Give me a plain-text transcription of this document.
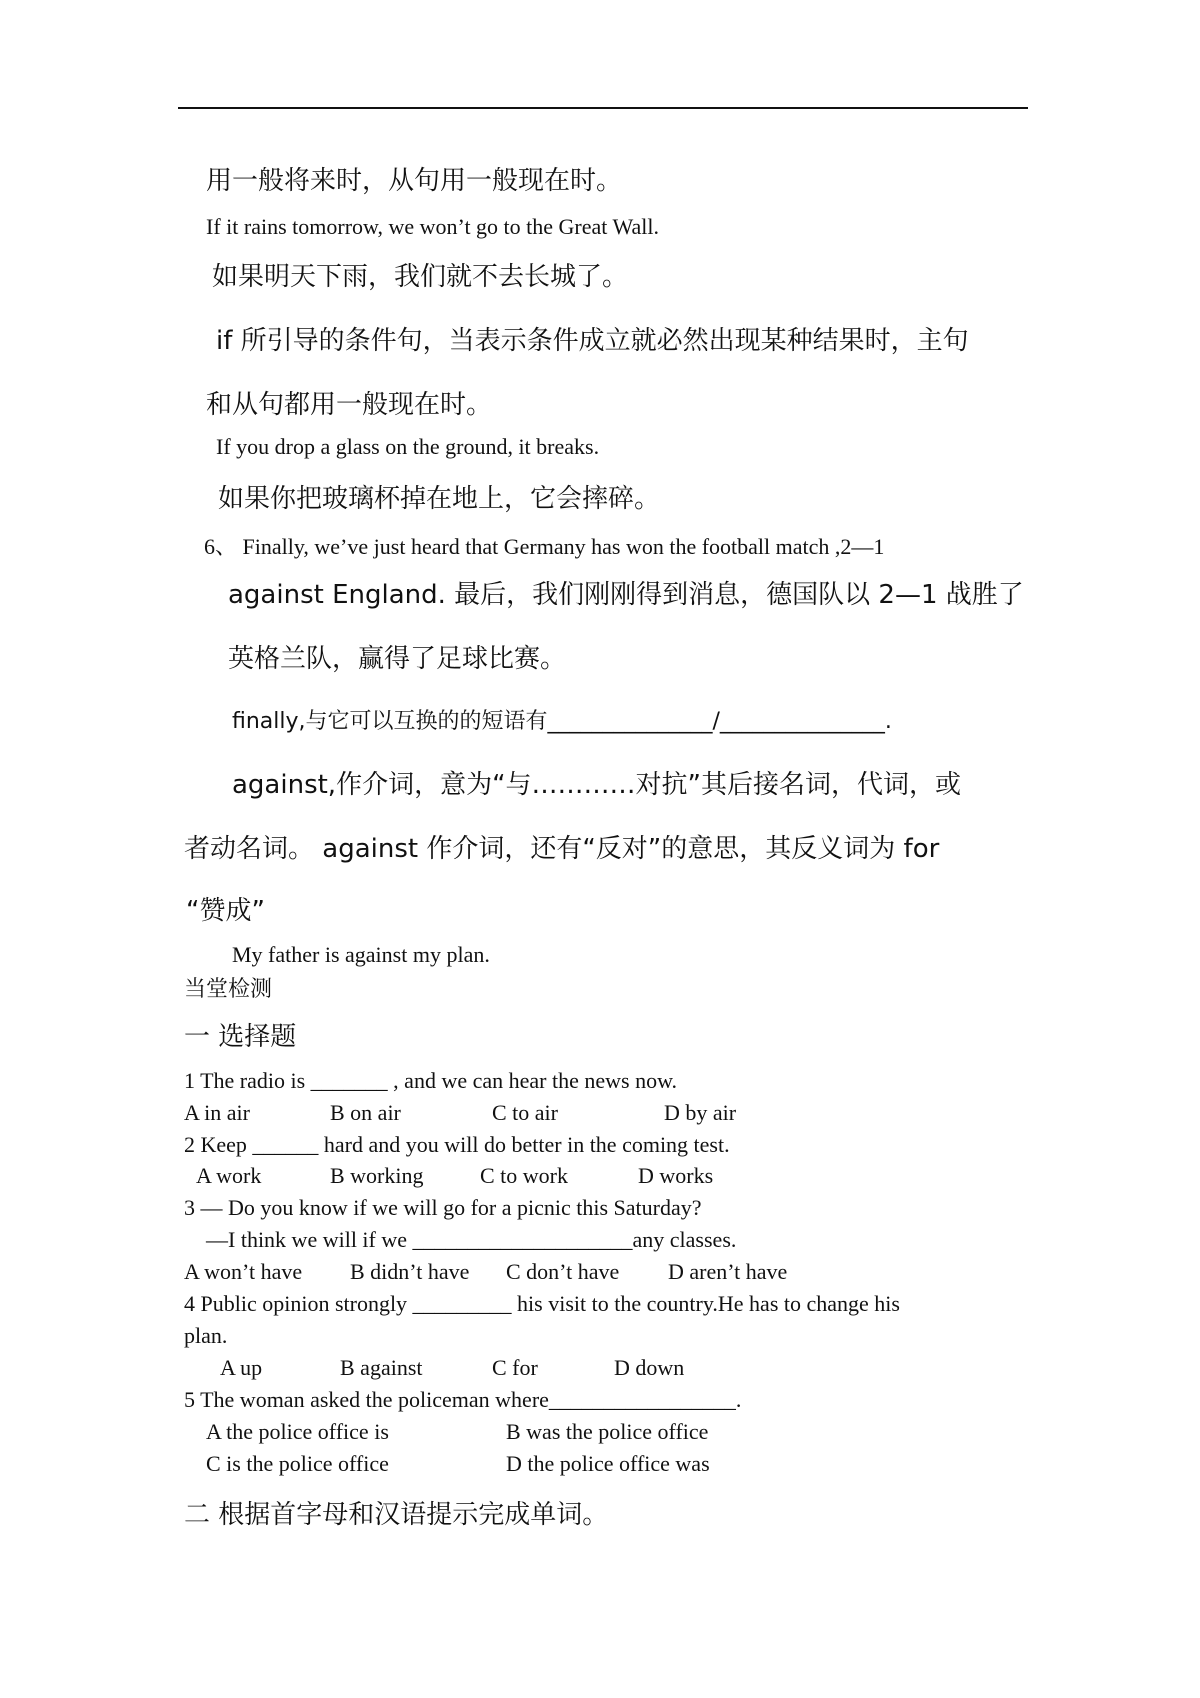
用一般将来时，从句用一般现在时。
If it rains tomorrow, we won’t go to the Great Wall.
如果明天下雨，我们就不去长城了。
if 所引导的条件句，当表示条件成立就必然出现某种结果时，主句
和从句都用一般现在时。
If you drop a glass on the ground, it breaks.
如果你把玻璃杯掉在地上，它会摔碎。
6、 Finally, we’ve just heard that Germany has won the football match ,2—1
against England. 最后，我们刚刚得到消息，德国队以 2—1 战胜了
英格兰队，赢得了足球比赛。
finally,与它可以互换的的短语有_______________/_______________.
against,作介词，意为“与…………对抗”其后接名词，代词，或
者动名词。 against 作介词，还有“反对”的意思，其反义词为 for
“赞成”
My father is against my plan.
当堂检测
一 选择题
1 The radio is _______ , and we can hear the news now.
A in air	B on air	C to air	D by air
2 Keep ______ hard and you will do better in the coming test.
A work	B working	C to work	D works
3 — Do you know if we will go for a picnic this Saturday?
—I think we will if we ____________________any classes.
A won’t have B didn’t have C don’t have D aren’t have
4 Public opinion strongly _________ his visit to the country.He has to change his
plan.
A up	B against	C for	D down
5 The woman asked the policeman where_________________.
A the police office is	B was the police office
C is the police office	D the police office was
二 根据首字母和汉语提示完成单词。
